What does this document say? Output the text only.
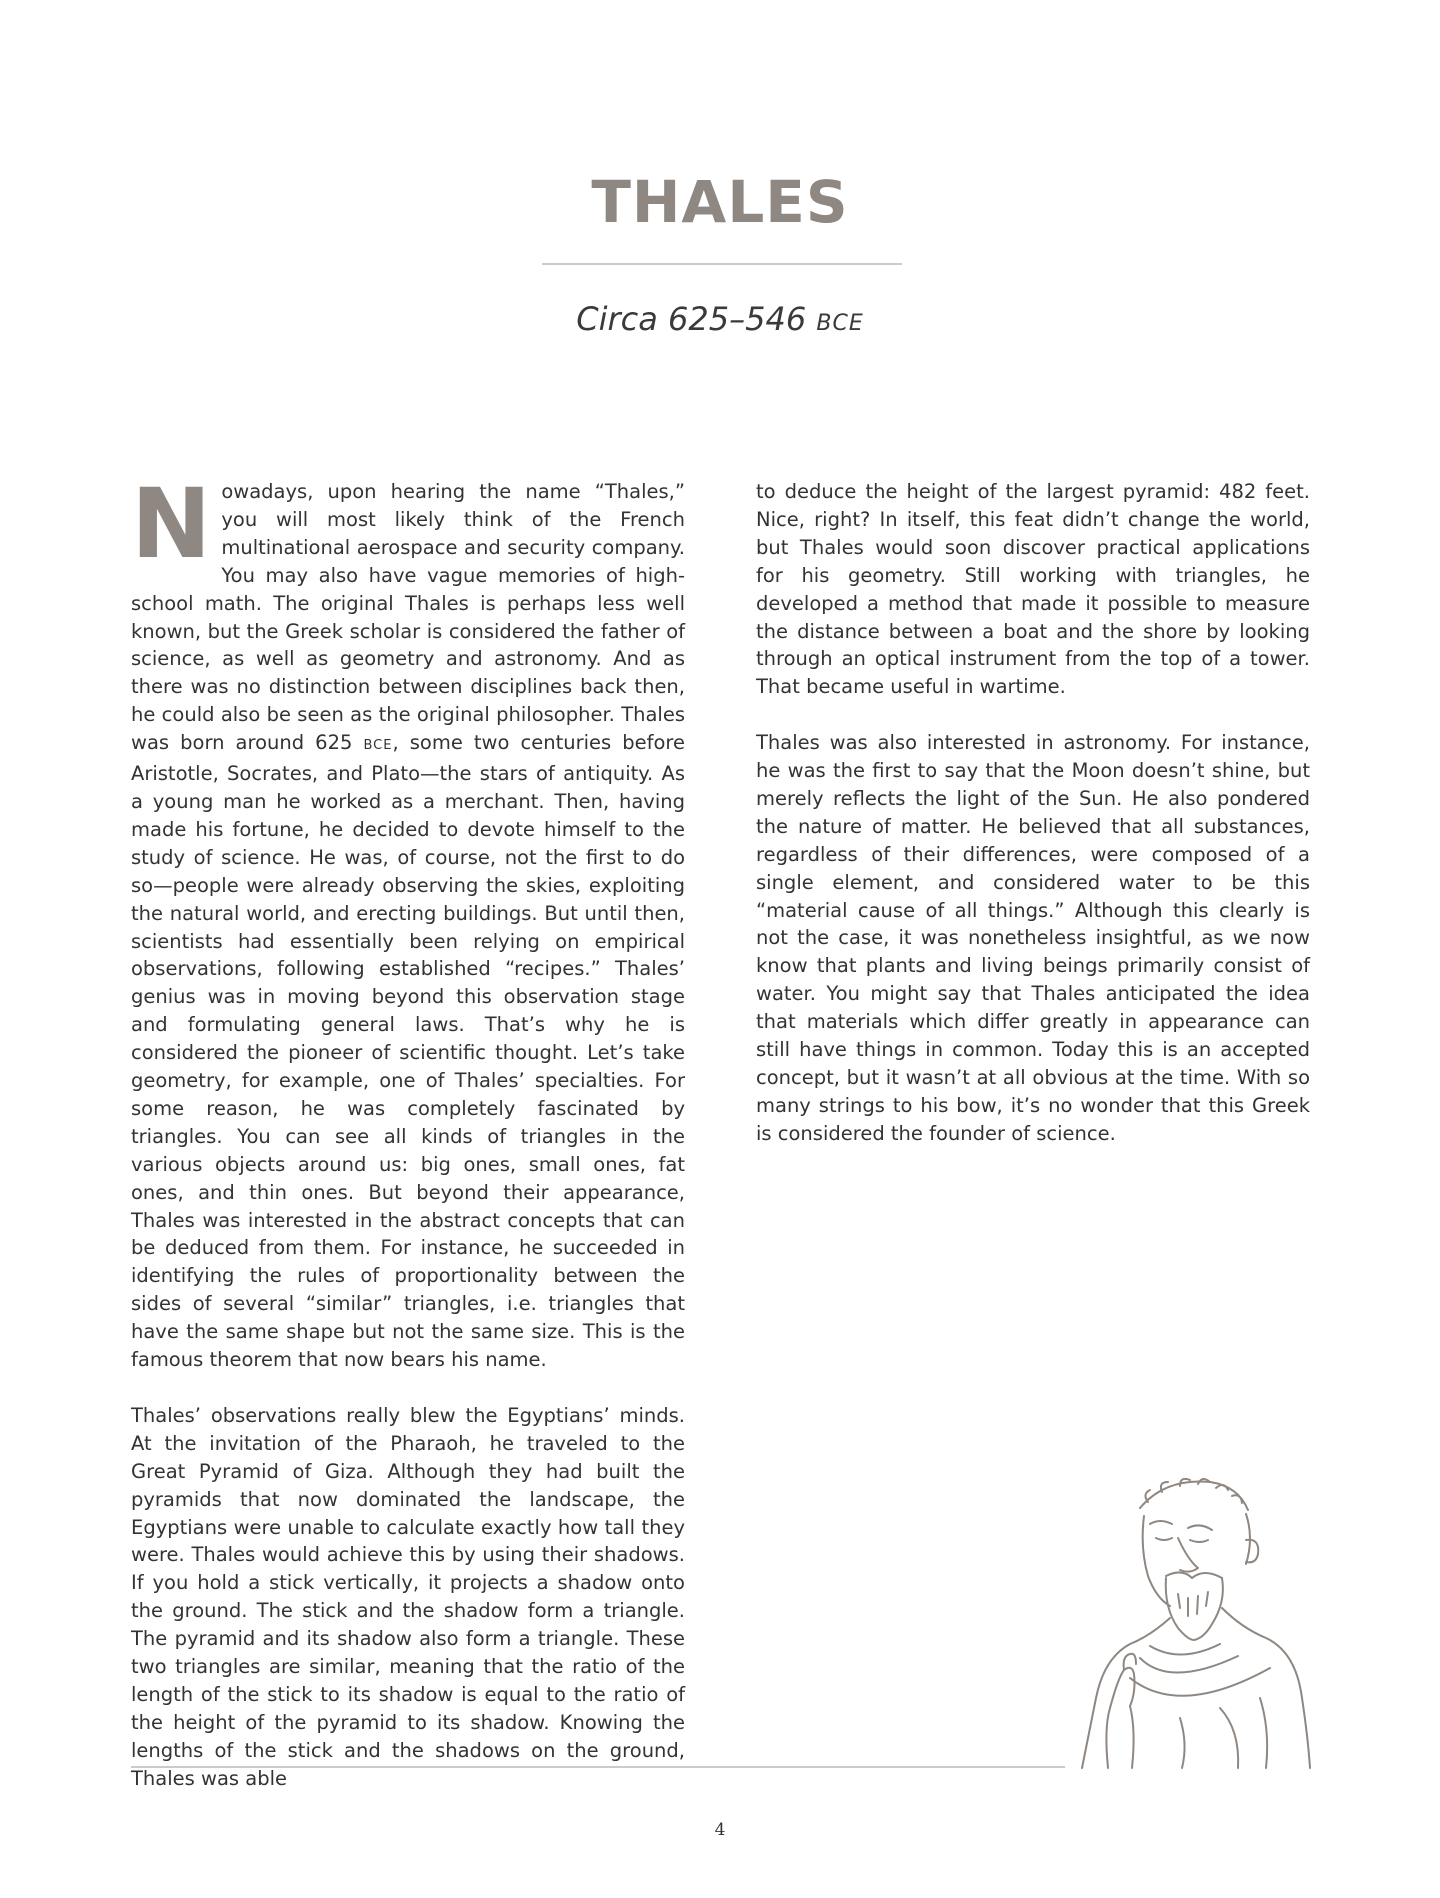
THALES
Circa 625–546 BCE

Nowadays, upon hearing the name “Thales,” you will most likely think of the French multinational aerospace and security company. You may also have vague memories of high-school math. The original Thales is perhaps less well known, but the Greek scholar is considered the father of science, as well as geometry and astronomy. And as there was no distinction between disciplines back then, he could also be seen as the original philosopher. Thales was born around 625 BCE, some two centuries before Aristotle, Socrates, and Plato—the stars of antiquity. As a young man he worked as a merchant. Then, having made his fortune, he decided to devote himself to the study of science. He was, of course, not the first to do so—people were already observing the skies, exploiting the natural world, and erecting buildings. But until then, scientists had essentially been relying on empirical observations, following established “recipes.” Thales’ genius was in moving beyond this observation stage and formulating general laws. That’s why he is considered the pioneer of scientific thought. Let’s take geometry, for example, one of Thales’ specialties. For some reason, he was completely fascinated by triangles. You can see all kinds of triangles in the various objects around us: big ones, small ones, fat ones, and thin ones. But beyond their appearance, Thales was interested in the abstract concepts that can be deduced from them. For instance, he succeeded in identifying the rules of proportionality between the sides of several “similar” triangles, i.e. triangles that have the same shape but not the same size. This is the famous theorem that now bears his name.

Thales’ observations really blew the Egyptians’ minds. At the invitation of the Pharaoh, he traveled to the Great Pyramid of Giza. Although they had built the pyramids that now dominated the landscape, the Egyptians were unable to calculate exactly how tall they were. Thales would achieve this by using their shadows. If you hold a stick vertically, it projects a shadow onto the ground. The stick and the shadow form a triangle. The pyramid and its shadow also form a triangle. These two triangles are similar, meaning that the ratio of the length of the stick to its shadow is equal to the ratio of the height of the pyramid to its shadow. Knowing the lengths of the stick and the shadows on the ground, Thales was able

to deduce the height of the largest pyramid: 482 feet. Nice, right? In itself, this feat didn’t change the world, but Thales would soon discover practical applications for his geometry. Still working with triangles, he developed a method that made it possible to measure the distance between a boat and the shore by looking through an optical instrument from the top of a tower. That became useful in wartime.

Thales was also interested in astronomy. For instance, he was the first to say that the Moon doesn’t shine, but merely reflects the light of the Sun. He also pondered the nature of matter. He believed that all substances, regardless of their differences, were composed of a single element, and considered water to be this “material cause of all things.” Although this clearly is not the case, it was nonetheless insightful, as we now know that plants and living beings primarily consist of water. You might say that Thales anticipated the idea that materials which differ greatly in appearance can still have things in common. Today this is an accepted concept, but it wasn’t at all obvious at the time. With so many strings to his bow, it’s no wonder that this Greek is considered the founder of science.

4
